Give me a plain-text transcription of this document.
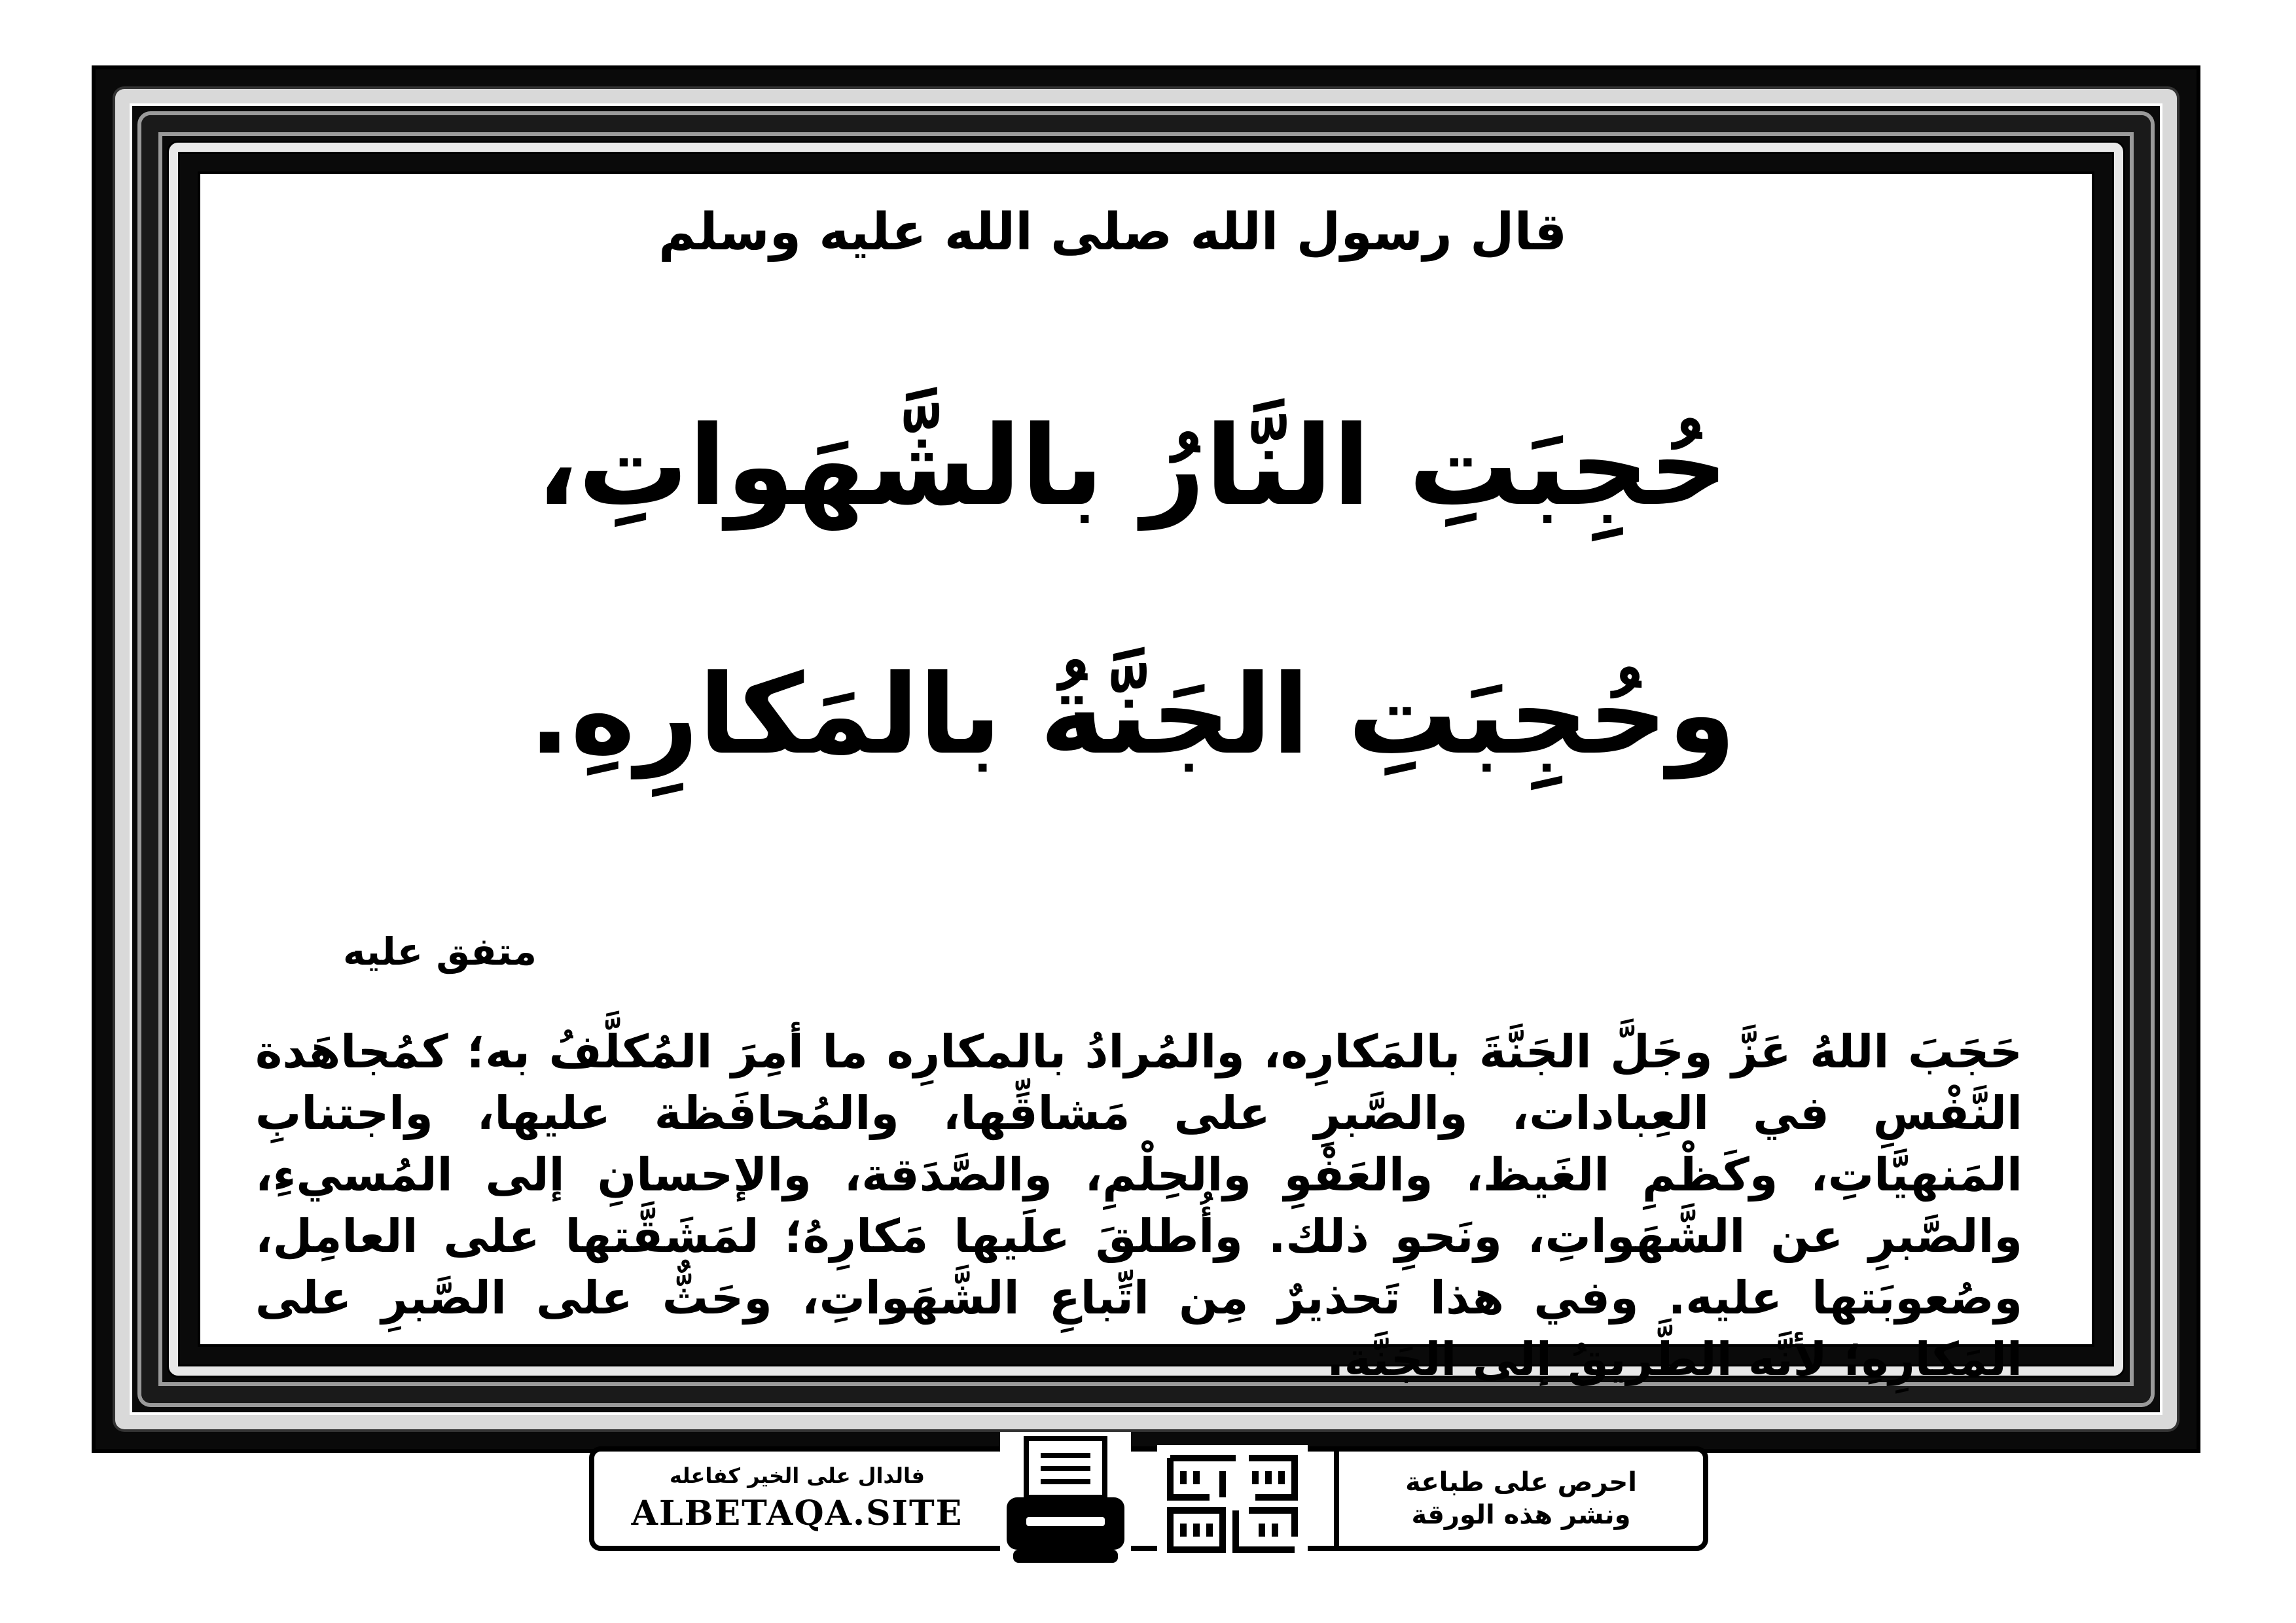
قال رسول الله صلى الله عليه وسلم
حُجِبَتِ النَّارُ بالشَّهَواتِ،
وحُجِبَتِ الجَنَّةُ بالمَكارِهِ.
متفق عليه
حَجَبَ اللهُ عَزَّ وجَلَّ الجَنَّةَ بالمَكارِه، والمُرادُ بالمكارِه ما أمِرَ المُكلَّفُ به؛ كمُجاهَدة النَّفْسِ في العِبادات، والصَّبرِ على مَشاقِّها، والمُحافَظة عليها، واجتنابِ المَنهيَّاتِ، وكَظْمِ الغَيظ، والعَفْوِ والحِلْمِ، والصَّدَقة، والإحسانِ إلى المُسيءِ، والصَّبرِ عن الشَّهَواتِ، ونَحوِ ذلك. وأُطلقَ علَيها مَكارِهُ؛ لمَشَقَّتها على العامِل، وصُعوبَتها عليه. وفي هذا تَحذيرٌ مِن اتِّباعِ الشَّهَواتِ، وحَثٌّ على الصَّبرِ على المَكارِهِ؛ لأنَّه الطَّريقُ إلى الجَنَّة.
فالدال على الخير كفاعله
ALBETAQA.SITE
احرص على طباعة
ونشر هذه الورقة
